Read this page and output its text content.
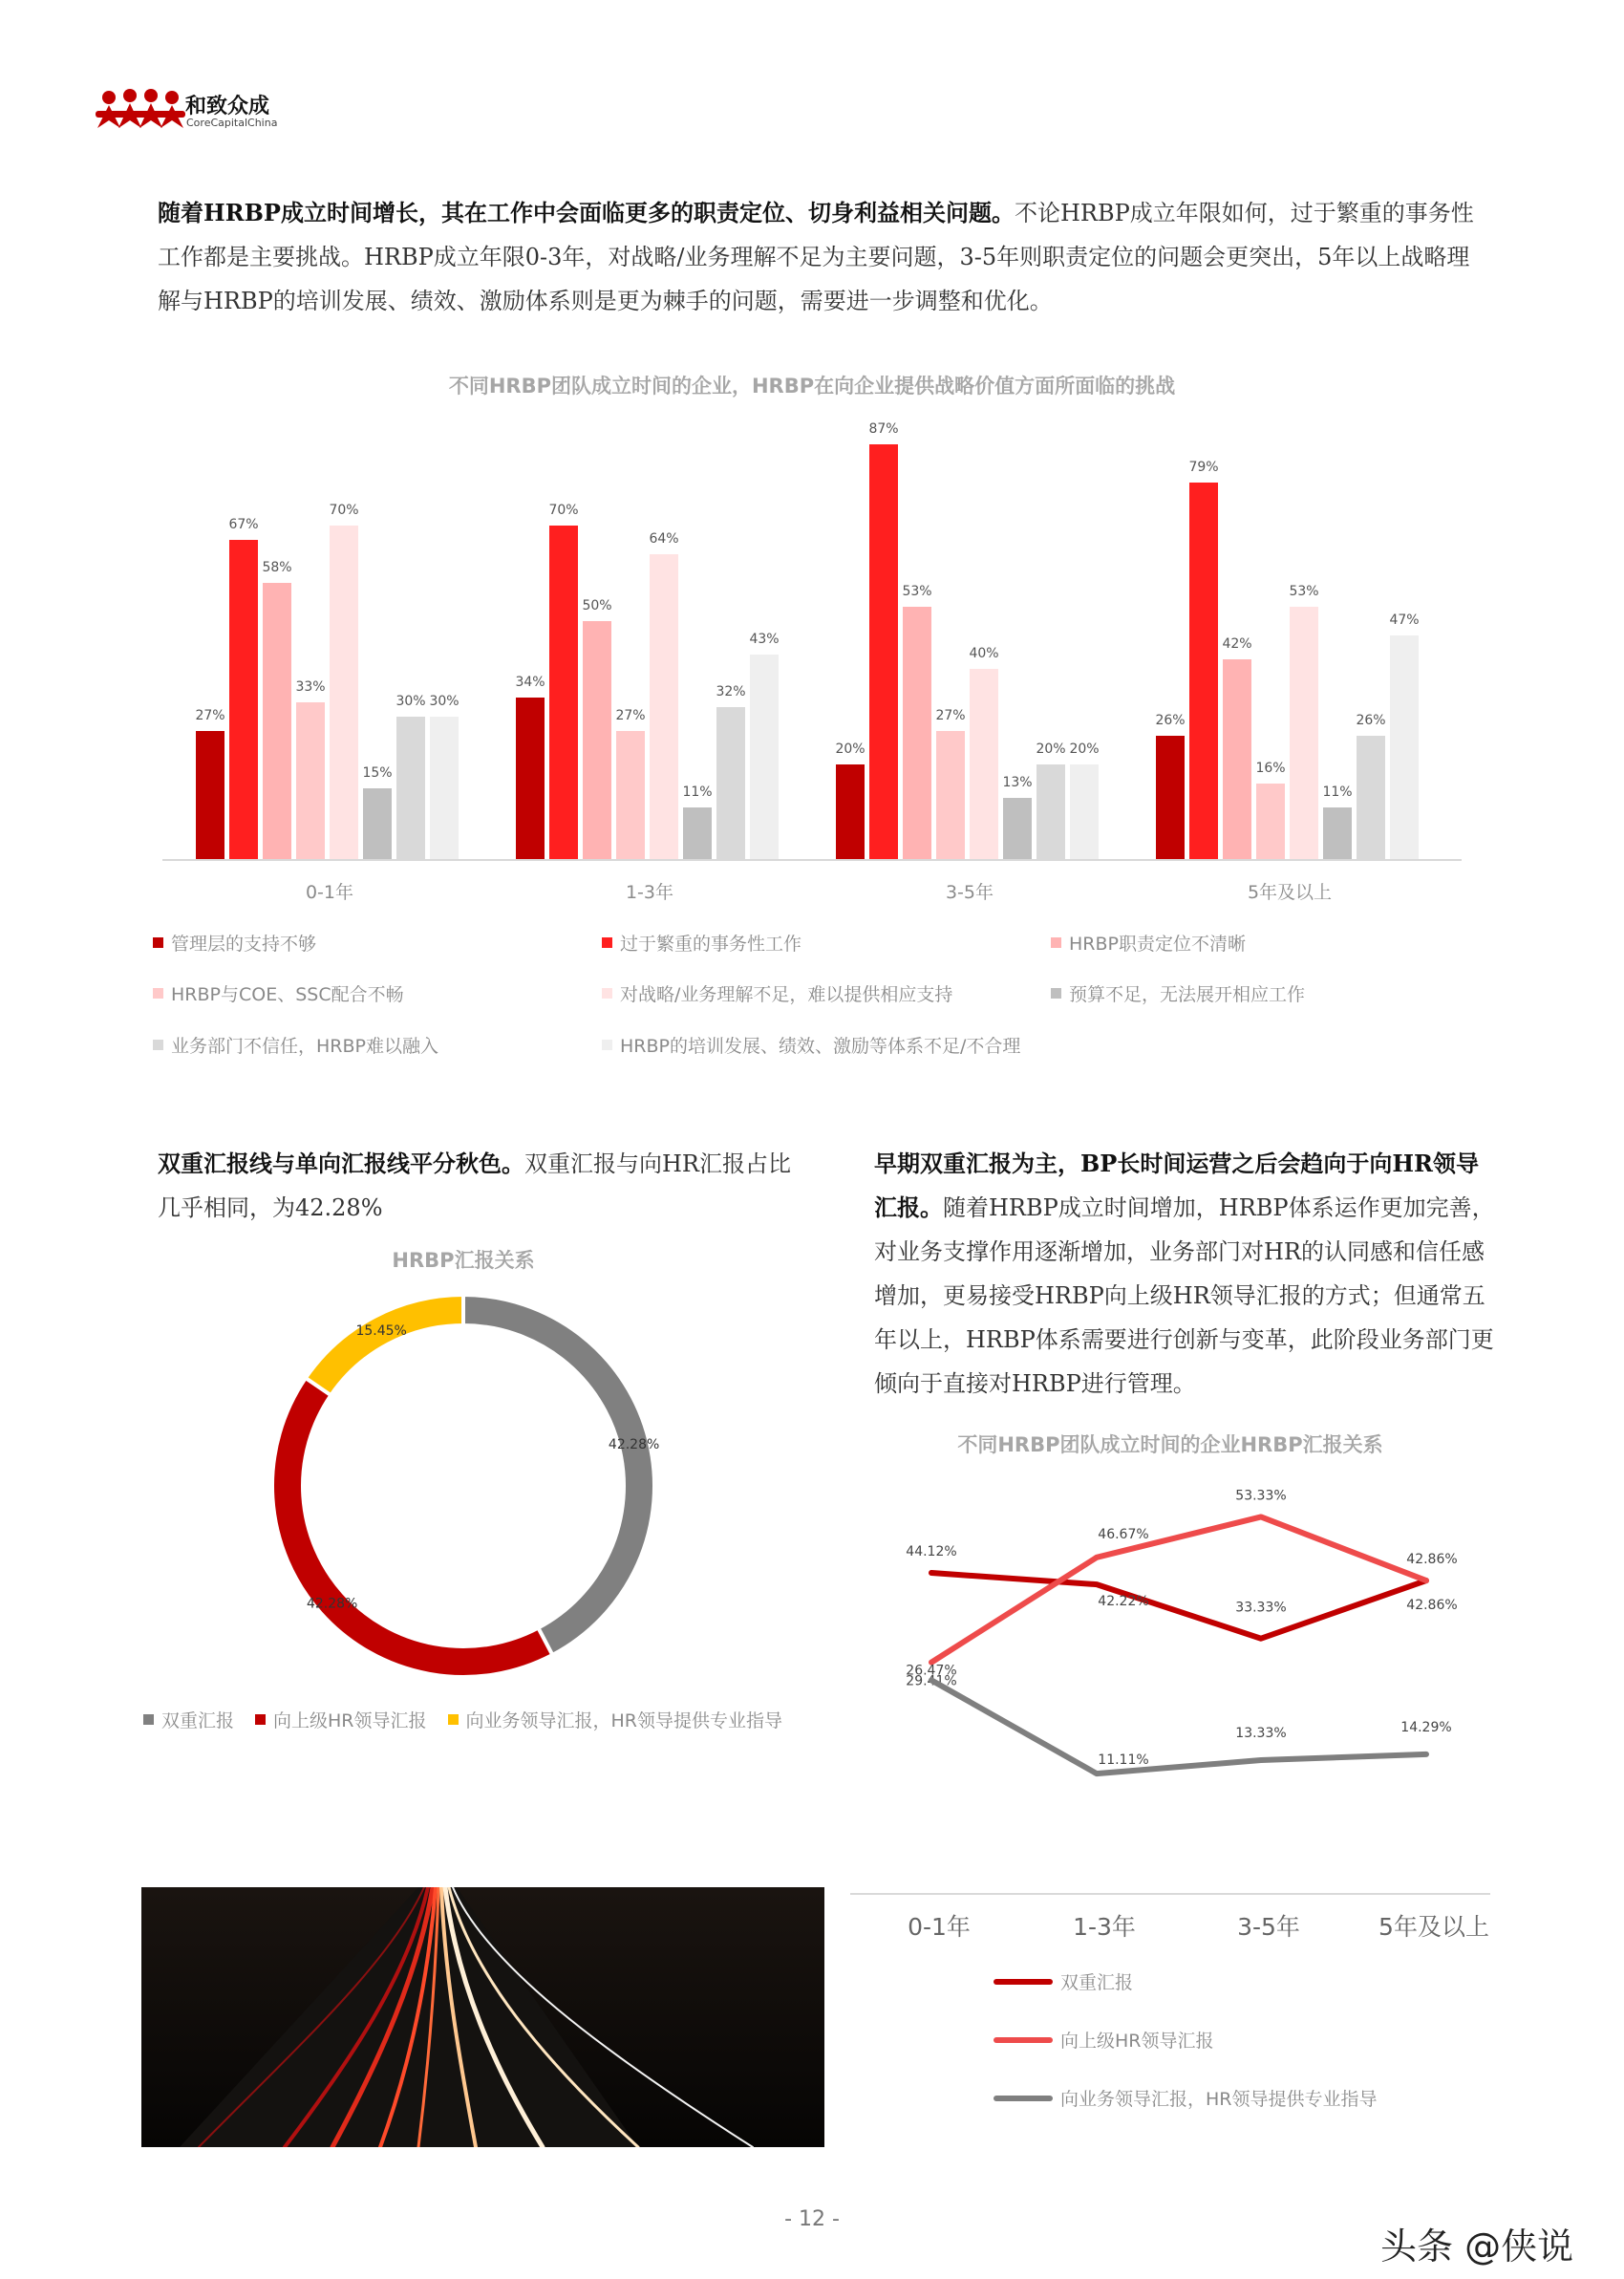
和致众成
CoreCapitalChina
随着HRBP成立时间增长，其在工作中会面临更多的职责定位、切身利益相关问题。不论HRBP成立年限如何，过于繁重的事务性工作都是主要挑战。HRBP成立年限0-3年，对战略/业务理解不足为主要问题，3-5年则职责定位的问题会更突出，5年以上战略理解与HRBP的培训发展、绩效、激励体系则是更为棘手的问题，需要进一步调整和优化。
不同HRBP团队成立时间的企业，HRBP在向企业提供战略价值方面所面临的挑战
27%
67%
58%
33%
70%
15%
30% 30%
0-1年
34%
70%
50%
27%
64%
11%
32%
43%
1-3年
20%
87%
53%
27%
40%
13%
20% 20%
3-5年
26%
79%
42%
16%
53%
11%
26%
47%
5年及以上
管理层的支持不够	过于繁重的事务性工作	HRBP职责定位不清晰
HRBP与COE、SSC配合不畅	对战略/业务理解不足，难以提供相应支持	预算不足，无法展开相应工作
业务部门不信任，HRBP难以融入	HRBP的培训发展、绩效、激励等体系不足/不合理
双重汇报线与单向汇报线平分秋色。双重汇报与向HR汇报占比几乎相同，为42.28%
HRBP汇报关系
42.28%
42.28%
15.45%
双重汇报 向上级HR领导汇报 向业务领导汇报，HR领导提供专业指导
早期双重汇报为主，BP长时间运营之后会趋向于向HR领导汇报。随着HRBP成立时间增加，HRBP体系运作更加完善，对业务支撑作用逐渐增加，业务部门对HR的认同感和信任感增加，更易接受HRBP向上级HR领导汇报的方式；但通常五年以上，HRBP体系需要进行创新与变革，此阶段业务部门更倾向于直接对HRBP进行管理。
不同HRBP团队成立时间的企业HRBP汇报关系
44.12%
42.22%	33.33%	42.86%
29.41%
46.67%
53.33%
42.86%
26.47%
11.11%
13.33%	14.29%
0-1年	1-3年	3-5年	5年及以上
双重汇报
向上级HR领导汇报
向业务领导汇报，HR领导提供专业指导
- 12 -
头条 @侠说
